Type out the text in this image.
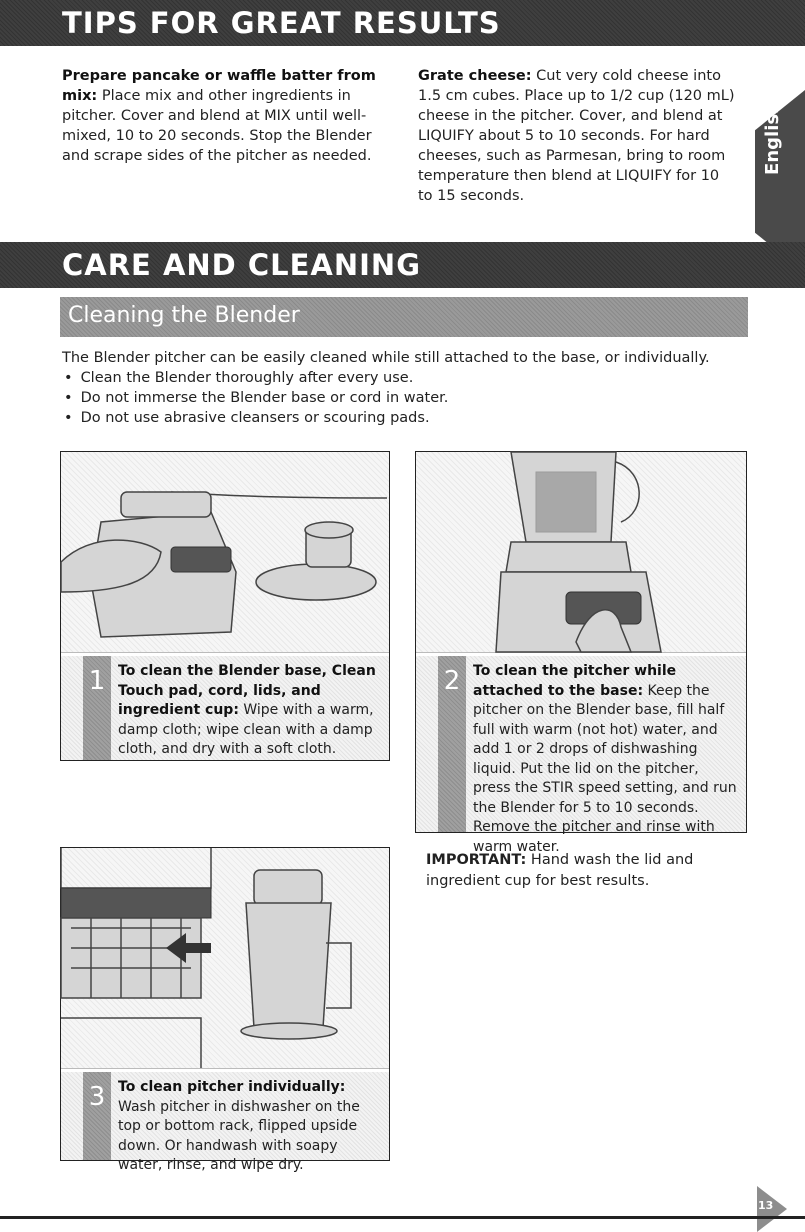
TIPS FOR GREAT RESULTS
Prepare pancake or waffle batter from mix: Place mix and other ingredients in pitcher. Cover and blend at MIX until well-mixed, 10 to 20 seconds. Stop the Blender and scrape sides of the pitcher as needed.
Grate cheese: Cut very cold cheese into 1.5 cm cubes. Place up to 1/2 cup (120 mL) cheese in the pitcher. Cover, and blend at LIQUIFY about 5 to 10 seconds. For hard cheeses, such as Parmesan, bring to room temperature then blend at LIQUIFY for 10 to 15 seconds.
English
CARE AND CLEANING
Cleaning the Blender
The Blender pitcher can be easily cleaned while still attached to the base, or individually.
• Clean the Blender thoroughly after every use.
• Do not immerse the Blender base or cord in water.
• Do not use abrasive cleansers or scouring pads.
1 To clean the Blender base, Clean Touch pad, cord, lids, and ingredient cup: Wipe with a warm, damp cloth; wipe clean with a damp cloth, and dry with a soft cloth.
2 To clean the pitcher while attached to the base: Keep the pitcher on the Blender base, fill half full with warm (not hot) water, and add 1 or 2 drops of dishwashing liquid. Put the lid on the pitcher, press the STIR speed setting, and run the Blender for 5 to 10 seconds. Remove the pitcher and rinse with warm water.
3 To clean pitcher individually: Wash pitcher in dishwasher on the top or bottom rack, flipped upside down. Or handwash with soapy water, rinse, and wipe dry.
IMPORTANT: Hand wash the lid and ingredient cup for best results.
13
